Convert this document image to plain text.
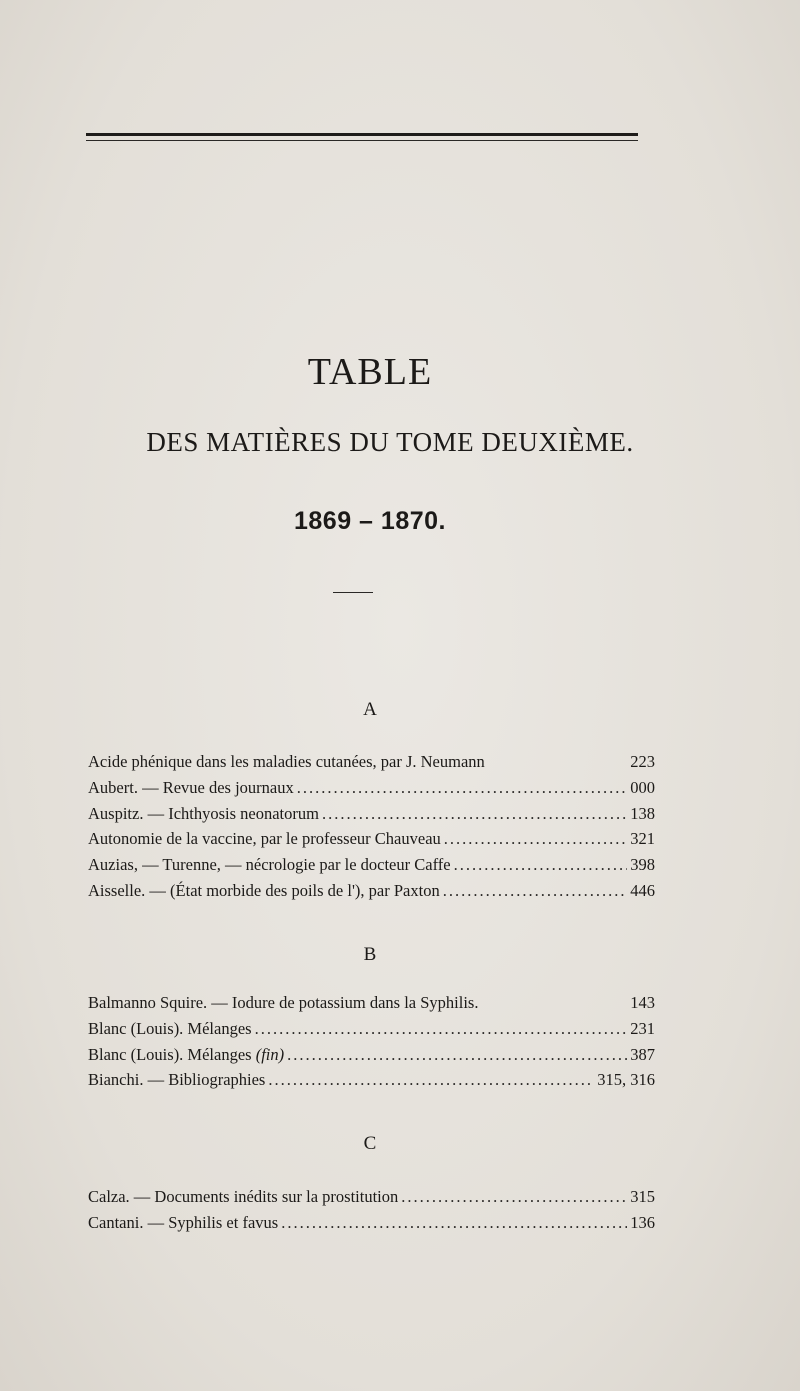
TABLE
DES MATIÈRES DU TOME DEUXIÈME.
1869 – 1870.
A
Acide phénique dans les maladies cutanées, par J. Neumann	223
Aubert. — Revue des journaux .....	000
Auspitz. — Ichthyosis neonatorum .....	138
Autonomie de la vaccine, par le professeur Chauveau .....	321
Auzias, — Turenne, — nécrologie par le docteur Caffe .....	398
Aisselle. — (État morbide des poils de l'), par Paxton .....	446
B
Balmanno Squire. — Iodure de potassium dans la Syphilis.	143
Blanc (Louis). Mélanges .....	231
Blanc (Louis). Mélanges (fin) .....	387
Bianchi. — Bibliographies .....	315, 316
C
Calza. — Documents inédits sur la prostitution .....	315
Cantani. — Syphilis et favus .....	136
